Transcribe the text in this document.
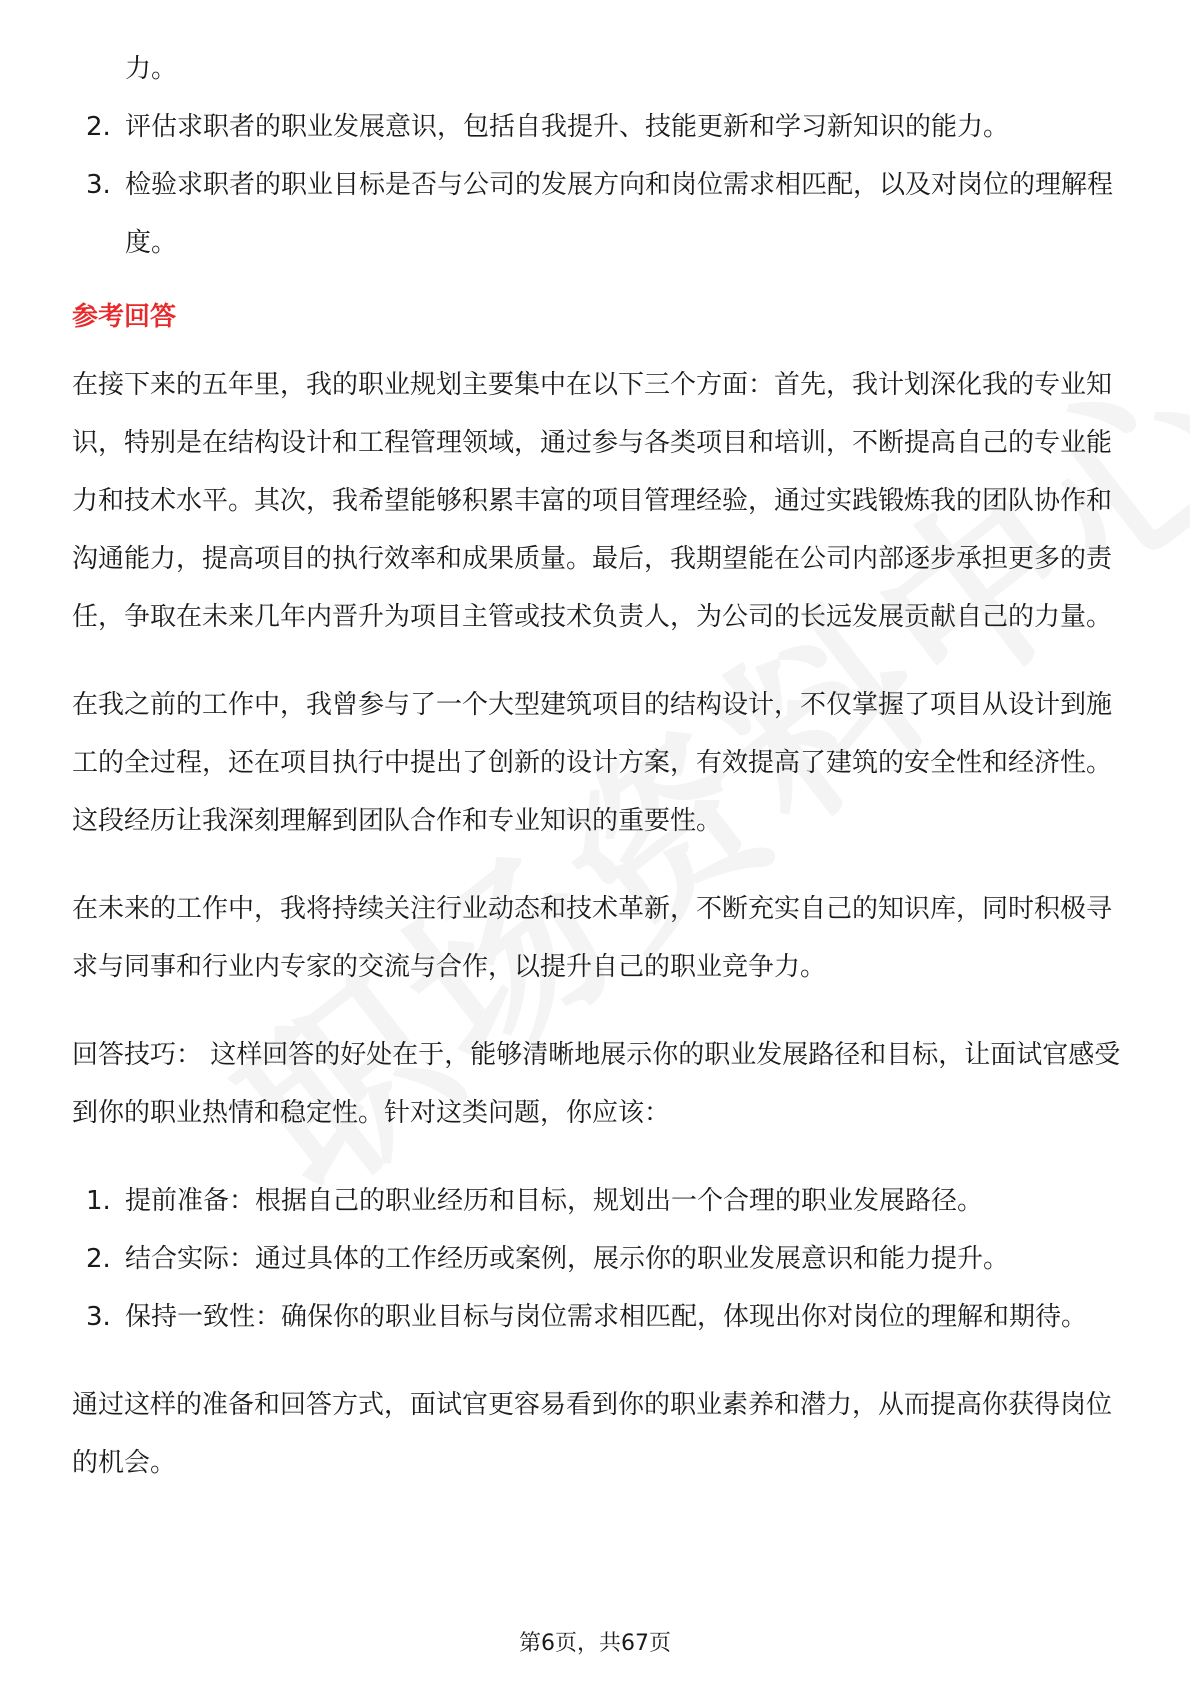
力。
2. 评估求职者的职业发展意识，包括自我提升、技能更新和学习新知识的能力。
3. 检验求职者的职业目标是否与公司的发展方向和岗位需求相匹配，以及对岗位的理解程度。
参考回答

在接下来的五年里，我的职业规划主要集中在以下三个方面：首先，我计划深化我的专业知识，特别是在结构设计和工程管理领域，通过参与各类项目和培训，不断提高自己的专业能力和技术水平。其次，我希望能够积累丰富的项目管理经验，通过实践锻炼我的团队协作和沟通能力，提高项目的执行效率和成果质量。最后，我期望能在公司内部逐步承担更多的责任，争取在未来几年内晋升为项目主管或技术负责人，为公司的长远发展贡献自己的力量。

在我之前的工作中，我曾参与了一个大型建筑项目的结构设计，不仅掌握了项目从设计到施工的全过程，还在项目执行中提出了创新的设计方案，有效提高了建筑的安全性和经济性。这段经历让我深刻理解到团队合作和专业知识的重要性。

在未来的工作中，我将持续关注行业动态和技术革新，不断充实自己的知识库，同时积极寻求与同事和行业内专家的交流与合作，以提升自己的职业竞争力。

回答技巧： 这样回答的好处在于，能够清晰地展示你的职业发展路径和目标，让面试官感受到你的职业热情和稳定性。针对这类问题，你应该：

1. 提前准备：根据自己的职业经历和目标，规划出一个合理的职业发展路径。
2. 结合实际：通过具体的工作经历或案例，展示你的职业发展意识和能力提升。
3. 保持一致性：确保你的职业目标与岗位需求相匹配，体现出你对岗位的理解和期待。

通过这样的准备和回答方式，面试官更容易看到你的职业素养和潜力，从而提高你获得岗位的机会。

第6页，共67页
